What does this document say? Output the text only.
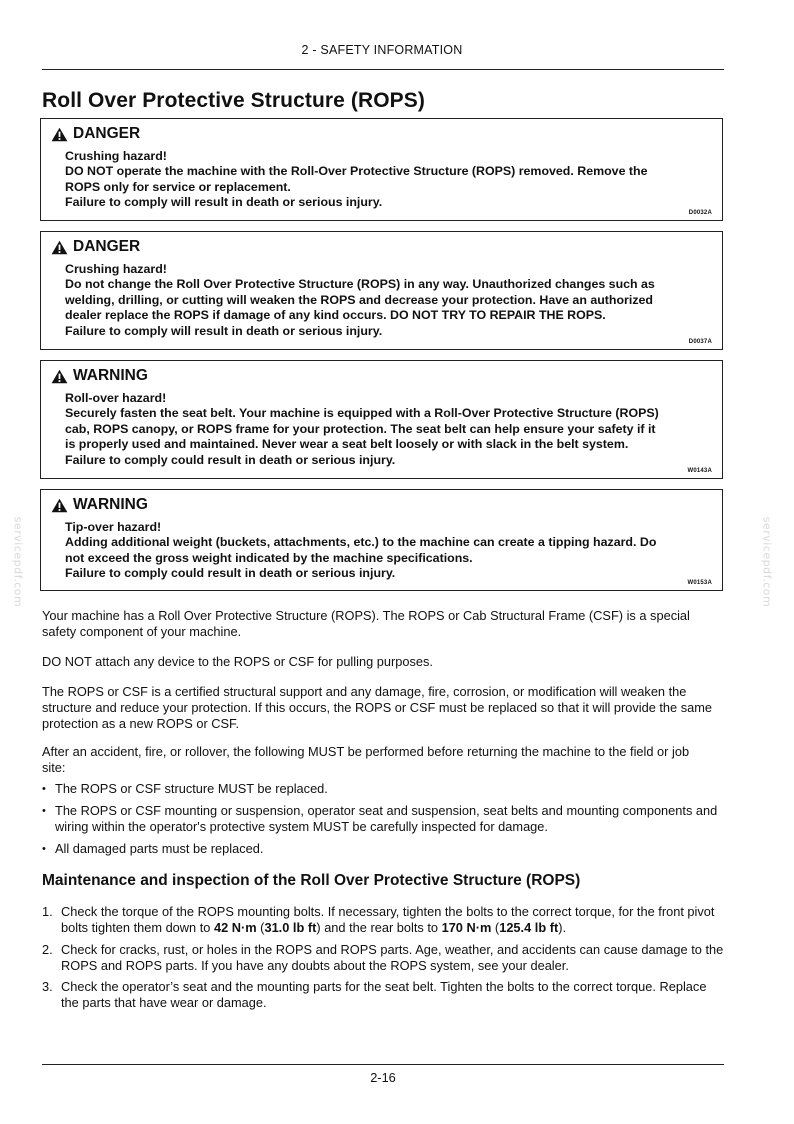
2 - SAFETY INFORMATION
Roll Over Protective Structure (ROPS)
servicepdf.com	servicepdf.com
DANGER

Crushing hazard!

DO NOT operate the machine with the Roll-Over Protective Structure (ROPS) removed. Remove the

ROPS only for service or replacement.

Failure to comply will result in death or serious injury.

D0032A
DANGER

Crushing hazard!

Do not change the Roll Over Protective Structure (ROPS) in any way. Unauthorized changes such as

welding, drilling, or cutting will weaken the ROPS and decrease your protection. Have an authorized

dealer replace the ROPS if damage of any kind occurs. DO NOT TRY TO REPAIR THE ROPS.

Failure to comply will result in death or serious injury.

D0037A
WARNING

Roll-over hazard!

Securely fasten the seat belt. Your machine is equipped with a Roll-Over Protective Structure (ROPS)

cab, ROPS canopy, or ROPS frame for your protection. The seat belt can help ensure your safety if it

is properly used and maintained. Never wear a seat belt loosely or with slack in the belt system.

Failure to comply could result in death or serious injury.

W0143A
WARNING

Tip-over hazard!

Adding additional weight (buckets, attachments, etc.) to the machine can create a tipping hazard. Do

not exceed the gross weight indicated by the machine specifications.

Failure to comply could result in death or serious injury.

W0153A

Your machine has a Roll Over Protective Structure (ROPS). The ROPS or Cab Structural Frame (CSF) is a special safety component of your machine.

DO NOT attach any device to the ROPS or CSF for pulling purposes.

The ROPS or CSF is a certified structural support and any damage, fire, corrosion, or modification will weaken the structure and reduce your protection. If this occurs, the ROPS or CSF must be replaced so that it will provide the same protection as a new ROPS or CSF.

After an accident, fire, or rollover, the following MUST be performed before returning the machine to the field or job site:

• The ROPS or CSF structure MUST be replaced.
• The ROPS or CSF mounting or suspension, operator seat and suspension, seat belts and mounting components and wiring within the operator's protective system MUST be carefully inspected for damage.
• All damaged parts must be replaced.
Maintenance and inspection of the Roll Over Protective Structure (ROPS)
1. Check the torque of the ROPS mounting bolts. If necessary, tighten the bolts to the correct torque, for the front pivot bolts tighten them down to 42 N·m (31.0 lb ft) and the rear bolts to 170 N·m (125.4 lb ft).
2. Check for cracks, rust, or holes in the ROPS and ROPS parts. Age, weather, and accidents can cause damage to the ROPS and ROPS parts. If you have any doubts about the ROPS system, see your dealer.
3. Check the operator’s seat and the mounting parts for the seat belt. Tighten the bolts to the correct torque. Replace the parts that have wear or damage.
2-16
